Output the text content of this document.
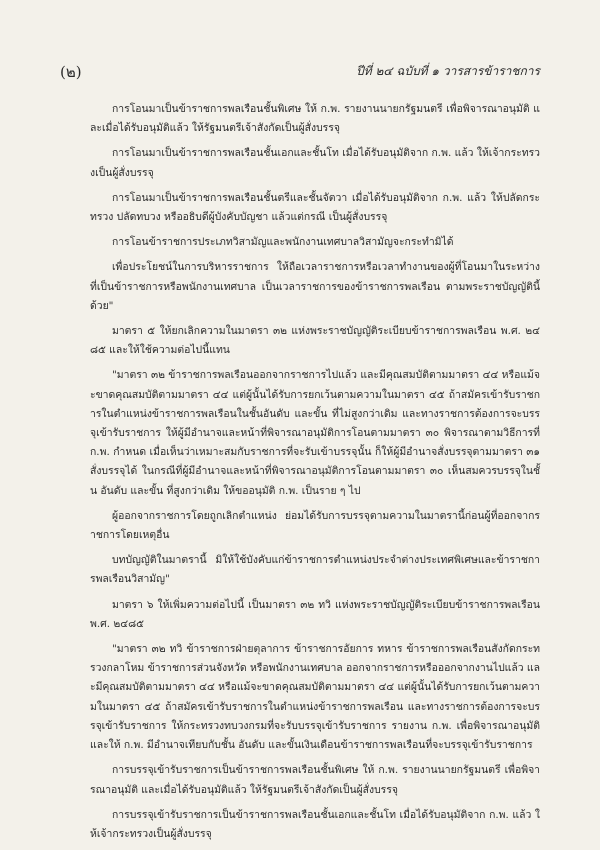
(๒)	ปีที่ ๒๔ ฉบับที่ ๑ วารสารข้าราชการ

การโอนมาเป็นข้าราชการพลเรือนชั้นพิเศษ ให้ ก.พ. รายงานนายกรัฐมนตรี เพื่อพิจารณาอนุมัติ และเมื่อได้รับอนุมัติแล้ว ให้รัฐมนตรีเจ้าสังกัดเป็นผู้สั่งบรรจุ

การโอนมาเป็นข้าราชการพลเรือนชั้นเอกและชั้นโท เมื่อได้รับอนุมัติจาก ก.พ. แล้ว ให้เจ้ากระทรวงเป็นผู้สั่งบรรจุ

การโอนมาเป็นข้าราชการพลเรือนชั้นตรีและชั้นจัตวา เมื่อได้รับอนุมัติจาก ก.พ. แล้ว ให้ปลัดกระทรวง ปลัดทบวง หรืออธิบดีผู้บังคับบัญชา แล้วแต่กรณี เป็นผู้สั่งบรรจุ

การโอนข้าราชการประเภทวิสามัญและพนักงานเทศบาลวิสามัญจะกระทำมิได้

เพื่อประโยชน์ในการบริหารราชการ ให้ถือเวลาราชการหรือเวลาทำงานของผู้ที่โอนมาในระหว่างที่เป็นข้าราชการหรือพนักงานเทศบาล เป็นเวลาราชการของข้าราชการพลเรือน ตามพระราชบัญญัตินี้ด้วย"

มาตรา ๕ ให้ยกเลิกความในมาตรา ๓๒ แห่งพระราชบัญญัติระเบียบข้าราชการพลเรือน พ.ศ. ๒๔๘๕ และให้ใช้ความต่อไปนี้แทน

"มาตรา ๓๒ ข้าราชการพลเรือนออกจากราชการไปแล้ว และมีคุณสมบัติตามมาตรา ๔๔ หรือแม้จะขาดคุณสมบัติตามมาตรา ๔๔ แต่ผู้นั้นได้รับการยกเว้นตามความในมาตรา ๔๕ ถ้าสมัครเข้ารับราชการในตำแหน่งข้าราชการพลเรือนในชั้นอันดับ และขั้น ที่ไม่สูงกว่าเดิม และทางราชการต้องการจะบรรจุเข้ารับราชการ ให้ผู้มีอำนาจและหน้าที่พิจารณาอนุมัติการโอนตามมาตรา ๓๐ พิจารณาตามวิธีการที่ ก.พ. กำหนด เมื่อเห็นว่าเหมาะสมกับราชการที่จะรับเข้าบรรจุนั้น ก็ให้ผู้มีอำนาจสั่งบรรจุตามมาตรา ๓๑ สั่งบรรจุได้ ในกรณีที่ผู้มีอำนาจและหน้าที่พิจารณาอนุมัติการโอนตามมาตรา ๓๐ เห็นสมควรบรรจุในชั้น อันดับ และขั้น ที่สูงกว่าเดิม ให้ขออนุมัติ ก.พ. เป็นราย ๆ ไป

ผู้ออกจากราชการโดยถูกเลิกตำแหน่ง ย่อมได้รับการบรรจุตามความในมาตรานี้ก่อนผู้ที่ออกจากราชการโดยเหตุอื่น

บทบัญญัติในมาตรานี้ มิให้ใช้บังคับแก่ข้าราชการตำแหน่งประจำต่างประเทศพิเศษและข้าราชการพลเรือนวิสามัญ"

มาตรา ๖ ให้เพิ่มความต่อไปนี้ เป็นมาตรา ๓๒ ทวิ แห่งพระราชบัญญัติระเบียบข้าราชการพลเรือน พ.ศ. ๒๔๘๕

"มาตรา ๓๒ ทวิ ข้าราชการฝ่ายตุลาการ ข้าราชการอัยการ ทหาร ข้าราชการพลเรือนสังกัดกระทรวงกลาโหม ข้าราชการส่วนจังหวัด หรือพนักงานเทศบาล ออกจากราชการหรือออกจากงานไปแล้ว และมีคุณสมบัติตามมาตรา ๔๔ หรือแม้จะขาดคุณสมบัติตามมาตรา ๔๔ แต่ผู้นั้นได้รับการยกเว้นตามความในมาตรา ๔๕ ถ้าสมัครเข้ารับราชการในตำแหน่งข้าราชการพลเรือน และทางราชการต้องการจะบรรจุเข้ารับราชการ ให้กระทรวงทบวงกรมที่จะรับบรรจุเข้ารับราชการ รายงาน ก.พ. เพื่อพิจารณาอนุมัติ และให้ ก.พ. มีอำนาจเทียบกับชั้น อันดับ และขั้นเงินเดือนข้าราชการพลเรือนที่จะบรรจุเข้ารับราชการ

การบรรจุเข้ารับราชการเป็นข้าราชการพลเรือนชั้นพิเศษ ให้ ก.พ. รายงานนายกรัฐมนตรี เพื่อพิจารณาอนุมัติ และเมื่อได้รับอนุมัติแล้ว ให้รัฐมนตรีเจ้าสังกัดเป็นผู้สั่งบรรจุ

การบรรจุเข้ารับราชการเป็นข้าราชการพลเรือนชั้นเอกและชั้นโท เมื่อได้รับอนุมัติจาก ก.พ. แล้ว ให้เจ้ากระทรวงเป็นผู้สั่งบรรจุ
